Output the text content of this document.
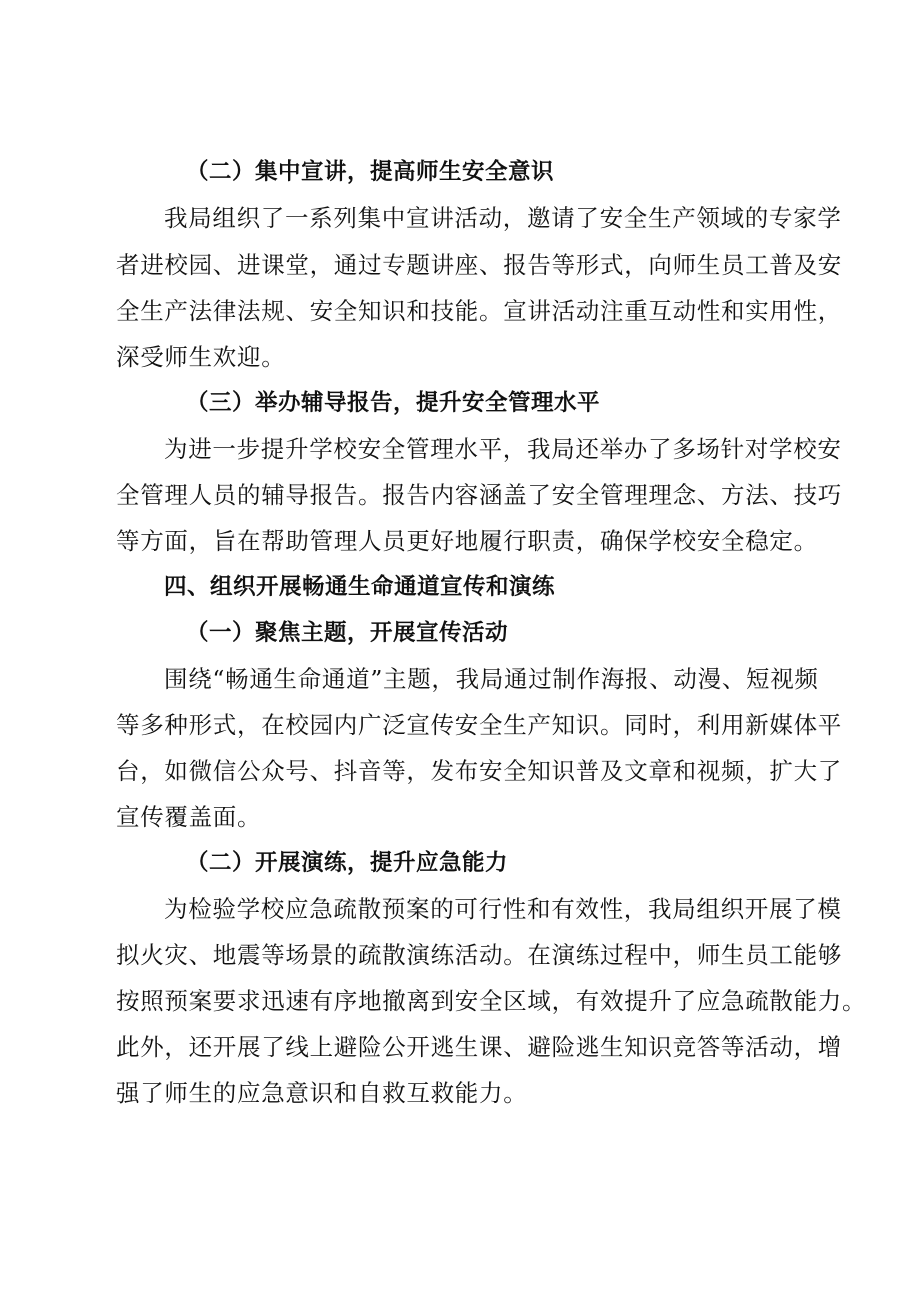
（二）集中宣讲，提高师生安全意识
我局组织了一系列集中宣讲活动，邀请了安全生产领域的专家学
者进校园、进课堂，通过专题讲座、报告等形式，向师生员工普及安
全生产法律法规、安全知识和技能。宣讲活动注重互动性和实用性，
深受师生欢迎。
（三）举办辅导报告，提升安全管理水平
为进一步提升学校安全管理水平，我局还举办了多场针对学校安
全管理人员的辅导报告。报告内容涵盖了安全管理理念、方法、技巧
等方面，旨在帮助管理人员更好地履行职责，确保学校安全稳定。
四、组织开展畅通生命通道宣传和演练
（一）聚焦主题，开展宣传活动
围绕“畅通生命通道”主题，我局通过制作海报、动漫、短视频
等多种形式，在校园内广泛宣传安全生产知识。同时，利用新媒体平
台，如微信公众号、抖音等，发布安全知识普及文章和视频，扩大了
宣传覆盖面。
（二）开展演练，提升应急能力
为检验学校应急疏散预案的可行性和有效性，我局组织开展了模
拟火灾、地震等场景的疏散演练活动。在演练过程中，师生员工能够
按照预案要求迅速有序地撤离到安全区域，有效提升了应急疏散能力。
此外，还开展了线上避险公开逃生课、避险逃生知识竞答等活动，增
强了师生的应急意识和自救互救能力。
